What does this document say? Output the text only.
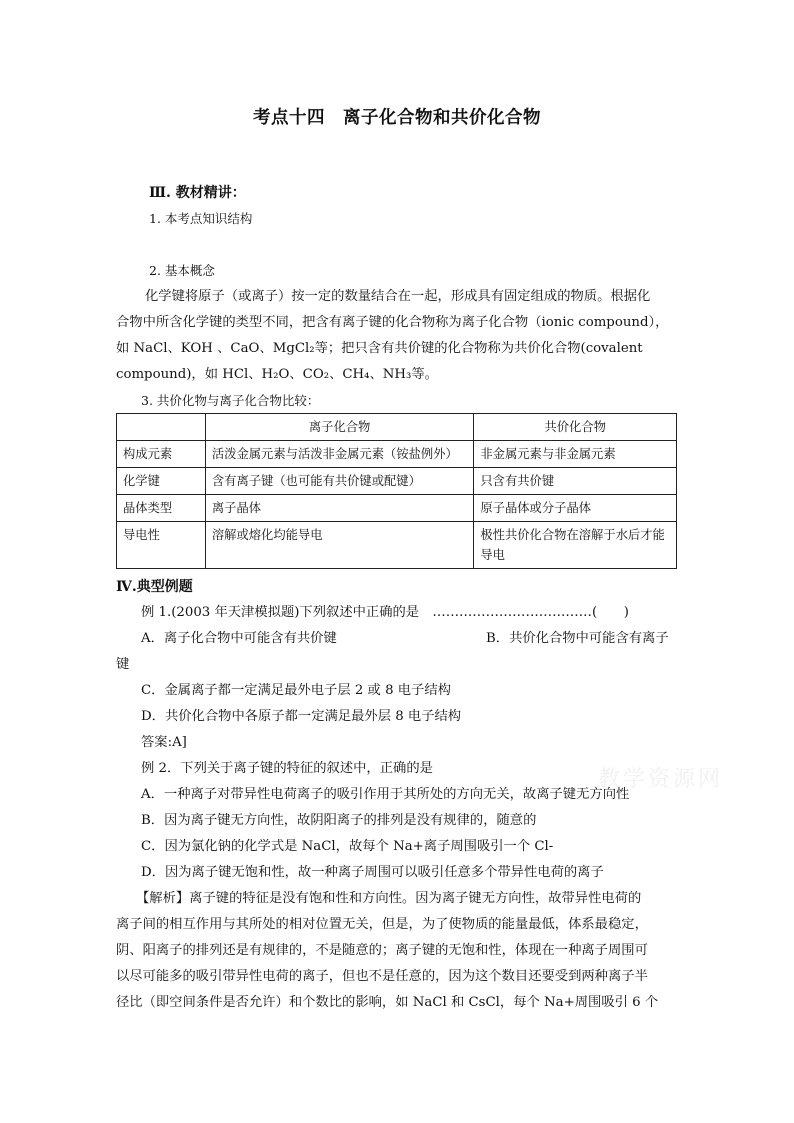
考点十四　离子化合物和共价化合物
Ⅲ. 教材精讲：
1. 本考点知识结构
2. 基本概念
化学键将原子（或离子）按一定的数量结合在一起，形成具有固定组成的物质。根据化
合物中所含化学键的类型不同，把含有离子键的化合物称为离子化合物（ionic compound），
如 NaCl、KOH 、CaO、MgCl₂等；把只含有共价键的化合物称为共价化合物(covalent
compound)，如 HCl、H₂O、CO₂、CH₄、NH₃等。
3. 共价化物与离子化合物比较：
	离子化合物	共价化合物
构成元素	活泼金属元素与活泼非金属元素（铵盐例外）	非金属元素与非金属元素
化学键	含有离子键（也可能有共价键或配键）	只含有共价键
晶体类型	离子晶体	原子晶体或分子晶体
导电性	溶解或熔化均能导电	极性共价化合物在溶解于水后才能导电
Ⅳ.典型例题
例 1.(2003 年天津模拟题)下列叙述中正确的是　………………………………(　　)
A．离子化合物中可能含有共价键	B．共价化合物中可能含有离子
键
C．金属离子都一定满足最外电子层 2 或 8 电子结构
D．共价化合物中各原子都一定满足最外层 8 电子结构
答案:A]
例 2．下列关于离子键的特征的叙述中，正确的是
A．一种离子对带异性电荷离子的吸引作用于其所处的方向无关，故离子键无方向性
B．因为离子键无方向性，故阴阳离子的排列是没有规律的，随意的
C．因为氯化钠的化学式是 NaCl，故每个 Na+离子周围吸引一个 Cl-
D．因为离子键无饱和性，故一种离子周围可以吸引任意多个带异性电荷的离子
【解析】离子键的特征是没有饱和性和方向性。因为离子键无方向性，故带异性电荷的
离子间的相互作用与其所处的相对位置无关，但是，为了使物质的能量最低，体系最稳定，
阴、阳离子的排列还是有规律的，不是随意的；离子键的无饱和性，体现在一种离子周围可
以尽可能多的吸引带异性电荷的离子，但也不是任意的，因为这个数目还要受到两种离子半
径比（即空间条件是否允许）和个数比的影响，如 NaCl 和 CsCl，每个 Na+周围吸引 6 个
教学资源网
